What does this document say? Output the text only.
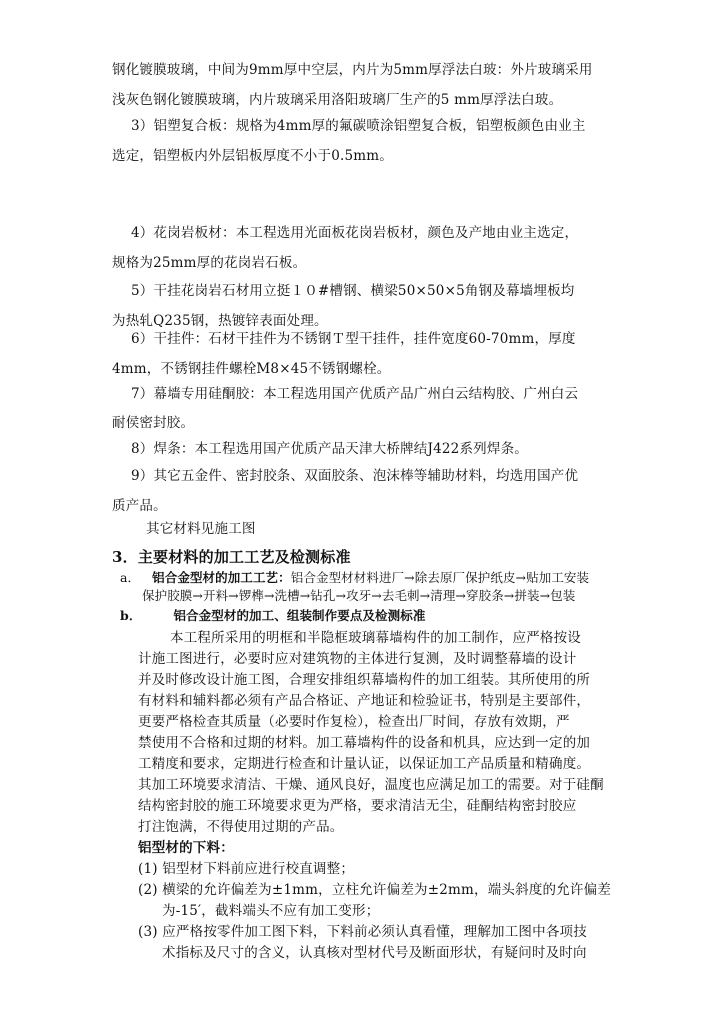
钢化镀膜玻璃，中间为9mm厚中空层，内片为5mm厚浮法白玻：外片玻璃采用
浅灰色钢化镀膜玻璃，内片玻璃采用洛阳玻璃厂生产的5 mm厚浮法白玻。
3）铝塑复合板：规格为4mm厚的氟碳喷涂铝塑复合板，铝塑板颜色由业主
选定，铝塑板内外层铝板厚度不小于0.5mm。
4）花岗岩板材：本工程选用光面板花岗岩板材，颜色及产地由业主选定，
规格为25mm厚的花岗岩石板。
5）干挂花岗岩石材用立挺１０#槽钢、横梁50×50×5角钢及幕墙埋板均
为热轧Q235钢，热镀锌表面处理。
6）干挂件：石材干挂件为不锈钢Ｔ型干挂件，挂件宽度60-70mm，厚度
4mm，不锈钢挂件螺栓M8×45不锈钢螺栓。
7）幕墙专用硅酮胶：本工程选用国产优质产品广州白云结构胶、广州白云
耐侯密封胶。
8）焊条：本工程选用国产优质产品天津大桥牌结J422系列焊条。
9）其它五金件、密封胶条、双面胶条、泡沫棒等辅助材料，均选用国产优
质产品。
其它材料见施工图
3．主要材料的加工工艺及检测标准
a． 铝合金型材的加工工艺：铝合金型材材料进厂→除去原厂保护纸皮→贴加工安装
保护胶膜→开料→锣榫→洗槽→钻孔→攻牙→去毛刺→清理→穿胶条→拼装→包装
b．	铝合金型材的加工、组装制作要点及检测标准
本工程所采用的明框和半隐框玻璃幕墙构件的加工制作，应严格按设
计施工图进行，必要时应对建筑物的主体进行复测，及时调整幕墙的设计
并及时修改设计施工图，合理安排组织幕墙构件的加工组装。其所使用的所
有材料和辅料都必须有产品合格证、产地证和检验证书，特别是主要部件，
更要严格检查其质量（必要时作复检），检查出厂时间，存放有效期，严
禁使用不合格和过期的材料。加工幕墙构件的设备和机具，应达到一定的加
工精度和要求，定期进行检查和计量认证，以保证加工产品质量和精确度。
其加工环境要求清洁、干燥、通风良好，温度也应满足加工的需要。对于硅酮
结构密封胶的施工环境要求更为严格，要求清洁无尘，硅酮结构密封胶应
打注饱满，不得使用过期的产品。
铝型材的下料：
(1) 铝型材下料前应进行校直调整；
(2) 横梁的允许偏差为±1mm，立柱允许偏差为±2mm，端头斜度的允许偏差
为-15′，截料端头不应有加工变形；
(3) 应严格按零件加工图下料，下料前必须认真看懂，理解加工图中各项技
术指标及尺寸的含义，认真核对型材代号及断面形状，有疑问时及时向
